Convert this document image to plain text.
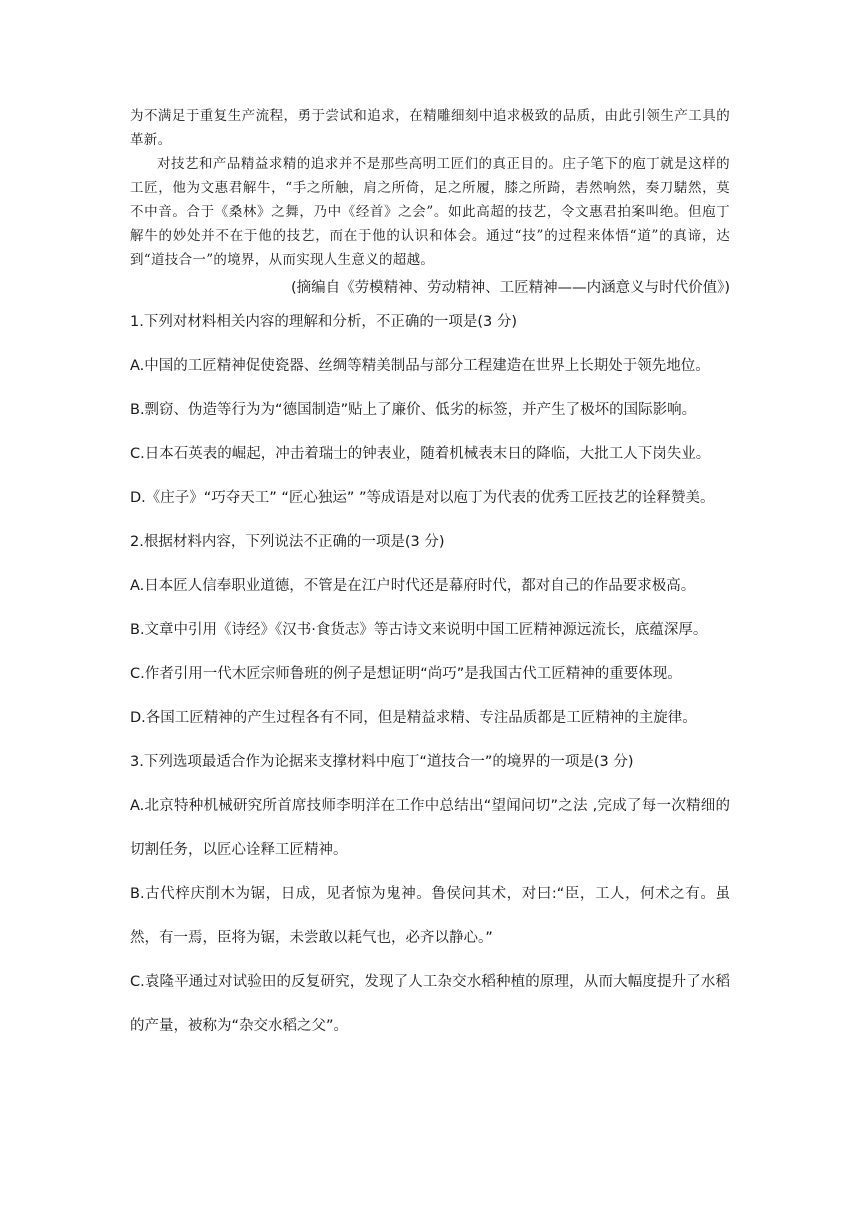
为不满足于重复生产流程，勇于尝试和追求，在精雕细刻中追求极致的品质，由此引领生产工具的革新。

对技艺和产品精益求精的追求并不是那些高明工匠们的真正目的。庄子笔下的庖丁就是这样的工匠，他为文惠君解牛，“手之所触，肩之所倚，足之所履，膝之所踦，砉然响然，奏刀騞然，莫不中音。合于《桑林》之舞，乃中《经首》之会”。如此高超的技艺，令文惠君拍案叫绝。但庖丁解牛的妙处并不在于他的技艺，而在于他的认识和体会。通过“技”的过程来体悟“道”的真谛，达到“道技合一”的境界，从而实现人生意义的超越。

(摘编自《劳模精神、劳动精神、工匠精神——内涵意义与时代价值》)

1.下列对材料相关内容的理解和分析，不正确的一项是(3 分)

A.中国的工匠精神促使瓷器、丝绸等精美制品与部分工程建造在世界上长期处于领先地位。

B.剽窃、伪造等行为为“德国制造”贴上了廉价、低劣的标签，并产生了极坏的国际影响。

C.日本石英表的崛起，冲击着瑞士的钟表业，随着机械表末日的降临，大批工人下岗失业。

D.《庄子》“巧夺天工” “匠心独运” ”等成语是对以庖丁为代表的优秀工匠技艺的诠释赞美。

2.根据材料内容，下列说法不正确的一项是(3 分)

A.日本匠人信奉职业道德，不管是在江户时代还是幕府时代，都对自己的作品要求极高。

B.文章中引用《诗经》《汉书·食货志》等古诗文来说明中国工匠精神源远流长，底蕴深厚。

C.作者引用一代木匠宗师鲁班的例子是想证明“尚巧”是我国古代工匠精神的重要体现。

D.各国工匠精神的产生过程各有不同，但是精益求精、专注品质都是工匠精神的主旋律。

3.下列选项最适合作为论据来支撑材料中庖丁“道技合一”的境界的一项是(3 分)

A.北京特种机械研究所首席技师李明洋在工作中总结出“望闻问切”之法 ,完成了每一次精细的切割任务，以匠心诠释工匠精神。

B.古代梓庆削木为锯，日成，见者惊为鬼神。鲁侯问其术，对曰:“臣，工人，何术之有。虽然，有一焉，臣将为锯，未尝敢以耗气也，必齐以静心。”

C.袁隆平通过对试验田的反复研究，发现了人工杂交水稻种植的原理，从而大幅度提升了水稻的产量，被称为“杂交水稻之父”。
